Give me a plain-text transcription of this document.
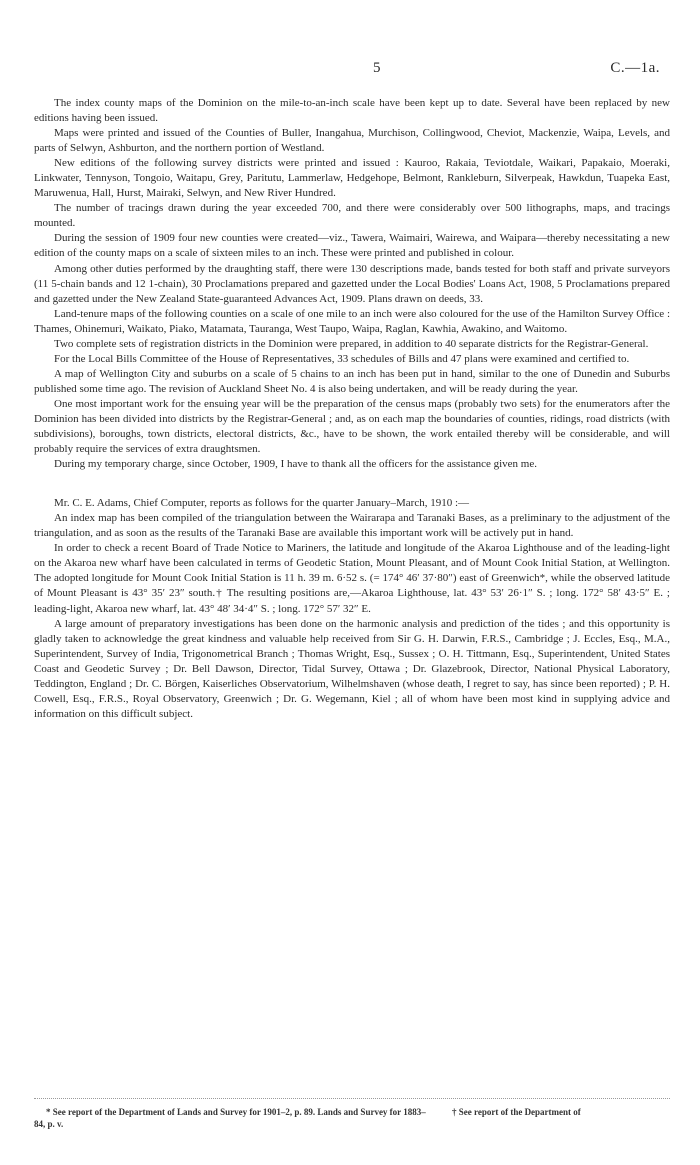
5	C.—1a.

The index county maps of the Dominion on the mile-to-an-inch scale have been kept up to date. Several have been replaced by new editions having been issued.

Maps were printed and issued of the Counties of Buller, Inangahua, Murchison, Collingwood, Cheviot, Mackenzie, Waipa, Levels, and parts of Selwyn, Ashburton, and the northern portion of Westland.

New editions of the following survey districts were printed and issued : Kauroo, Rakaia, Teviotdale, Waikari, Papakaio, Moeraki, Linkwater, Tennyson, Tongoio, Waitapu, Grey, Paritutu, Lammerlaw, Hedgehope, Belmont, Rankleburn, Silverpeak, Hawkdun, Tuapeka East, Maruwenua, Hall, Hurst, Mairaki, Selwyn, and New River Hundred.

The number of tracings drawn during the year exceeded 700, and there were considerably over 500 lithographs, maps, and tracings mounted.

During the session of 1909 four new counties were created—viz., Tawera, Waimairi, Wairewa, and Waipara—thereby necessitating a new edition of the county maps on a scale of sixteen miles to an inch. These were printed and published in colour.

Among other duties performed by the draughting staff, there were 130 descriptions made, bands tested for both staff and private surveyors (11 5-chain bands and 12 1-chain), 30 Proclamations prepared and gazetted under the Local Bodies' Loans Act, 1908, 5 Proclamations prepared and gazetted under the New Zealand State-guaranteed Advances Act, 1909. Plans drawn on deeds, 33.

Land-tenure maps of the following counties on a scale of one mile to an inch were also coloured for the use of the Hamilton Survey Office : Thames, Ohinemuri, Waikato, Piako, Matamata, Tauranga, West Taupo, Waipa, Raglan, Kawhia, Awakino, and Waitomo.

Two complete sets of registration districts in the Dominion were prepared, in addition to 40 separate districts for the Registrar-General.

For the Local Bills Committee of the House of Representatives, 33 schedules of Bills and 47 plans were examined and certified to.

A map of Wellington City and suburbs on a scale of 5 chains to an inch has been put in hand, similar to the one of Dunedin and Suburbs published some time ago. The revision of Auckland Sheet No. 4 is also being undertaken, and will be ready during the year.

One most important work for the ensuing year will be the preparation of the census maps (probably two sets) for the enumerators after the Dominion has been divided into districts by the Registrar-General ; and, as on each map the boundaries of counties, ridings, road districts (with subdivisions), boroughs, town districts, electoral districts, &c., have to be shown, the work entailed thereby will be considerable, and will probably require the services of extra draughtsmen.

During my temporary charge, since October, 1909, I have to thank all the officers for the assistance given me.

Mr. C. E. Adams, Chief Computer, reports as follows for the quarter January–March, 1910 :—

An index map has been compiled of the triangulation between the Wairarapa and Taranaki Bases, as a preliminary to the adjustment of the triangulation, and as soon as the results of the Taranaki Base are available this important work will be actively put in hand.

In order to check a recent Board of Trade Notice to Mariners, the latitude and longitude of the Akaroa Lighthouse and of the leading-light on the Akaroa new wharf have been calculated in terms of Geodetic Station, Mount Pleasant, and of Mount Cook Initial Station, at Wellington. The adopted longitude for Mount Cook Initial Station is 11 h. 39 m. 6·52 s. (= 174° 46′ 37·80″) east of Greenwich*, while the observed latitude of Mount Pleasant is 43° 35′ 23″ south.† The resulting positions are,—Akaroa Lighthouse, lat. 43° 53′ 26·1″ S. ; long. 172° 58′ 43·5″ E. ; leading-light, Akaroa new wharf, lat. 43° 48′ 34·4″ S. ; long. 172° 57′ 32″ E.

A large amount of preparatory investigations has been done on the harmonic analysis and prediction of the tides ; and this opportunity is gladly taken to acknowledge the great kindness and valuable help received from Sir G. H. Darwin, F.R.S., Cambridge ; J. Eccles, Esq., M.A., Superintendent, Survey of India, Trigonometrical Branch ; Thomas Wright, Esq., Sussex ; O. H. Tittmann, Esq., Superintendent, United States Coast and Geodetic Survey ; Dr. Bell Dawson, Director, Tidal Survey, Ottawa ; Dr. Glazebrook, Director, National Physical Laboratory, Teddington, England ; Dr. C. Börgen, Kaiserliches Observatorium, Wilhelmshaven (whose death, I regret to say, has since been reported) ; P. H. Cowell, Esq., F.R.S., Royal Observatory, Greenwich ; Dr. G. Wegemann, Kiel ; all of whom have been most kind in supplying advice and information on this difficult subject.

* See report of the Department of Lands and Survey for 1901–2, p. 89. Lands and Survey for 1883–84, p. v.
† See report of the Department of
